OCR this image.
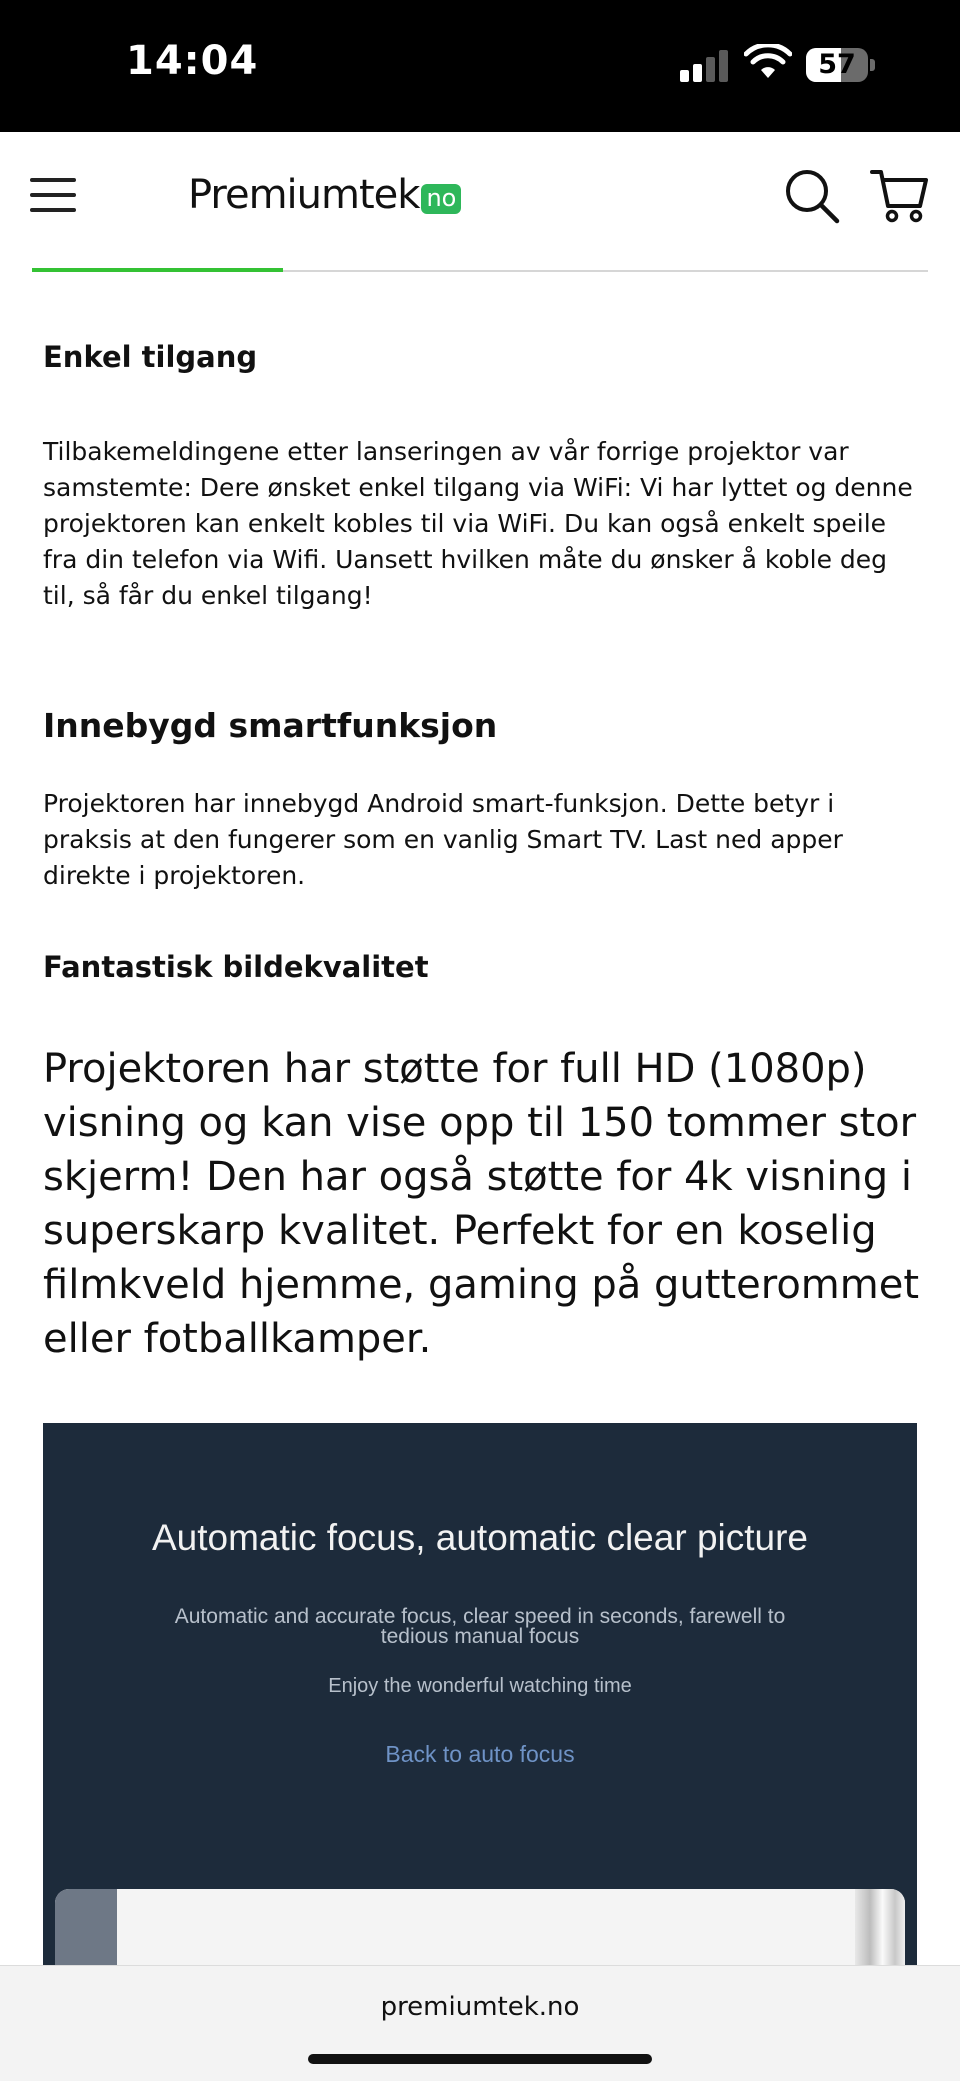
14:04	57
Premiumtek no
Enkel tilgang

Tilbakemeldingene etter lanseringen av vår forrige projektor var samstemte: Dere ønsket enkel tilgang via WiFi: Vi har lyttet og denne projektoren kan enkelt kobles til via WiFi. Du kan også enkelt speile fra din telefon via Wifi. Uansett hvilken måte du ønsker å koble deg til, så får du enkel tilgang!

Innebygd smartfunksjon

Projektoren har innebygd Android smart-funksjon. Dette betyr i praksis at den fungerer som en vanlig Smart TV. Last ned apper direkte i projektoren.

Fantastisk bildekvalitet

Projektoren har støtte for full HD (1080p) visning og kan vise opp til 150 tommer stor skjerm! Den har også støtte for 4k visning i superskarp kvalitet. Perfekt for en koselig filmkveld hjemme, gaming på gutterommet eller fotballkamper.

Automatic focus, automatic clear picture
Automatic and accurate focus, clear speed in seconds, farewell to tedious manual focus
Enjoy the wonderful watching time
Back to auto focus
premiumtek.no
